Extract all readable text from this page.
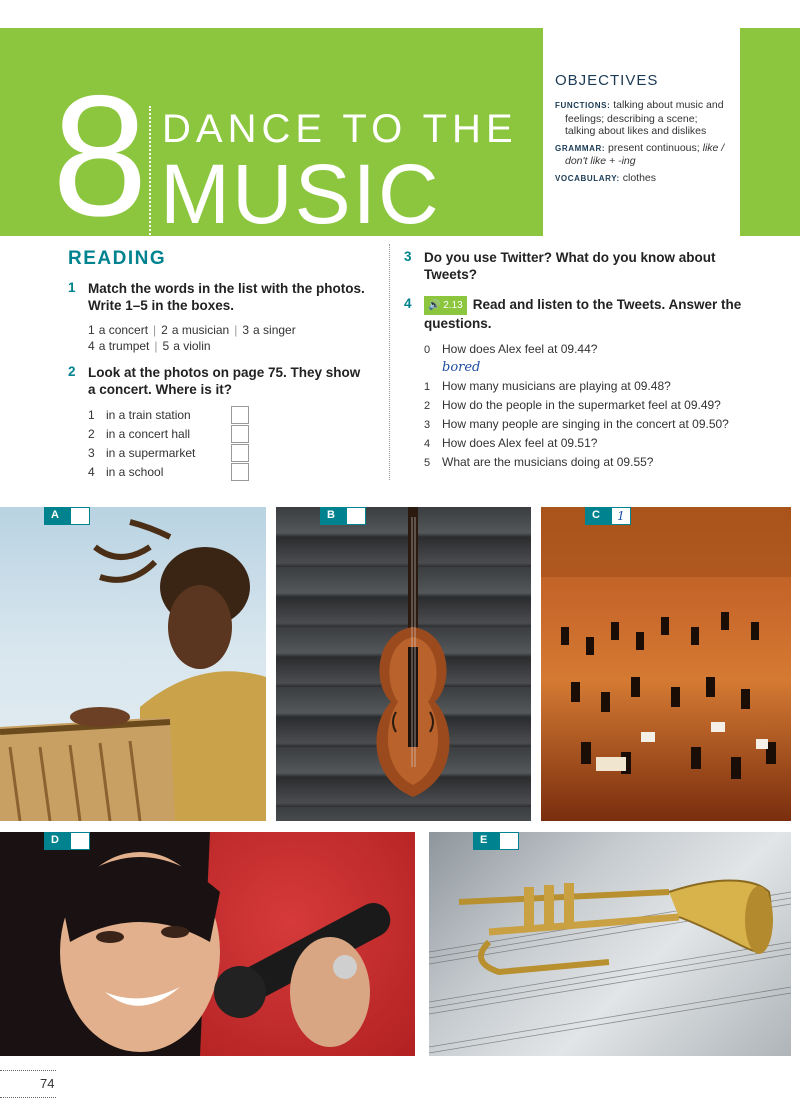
8 DANCE TO THE
MUSIC
OBJECTIVES
FUNCTIONS: talking about music and feelings; describing a scene; talking about likes and dislikes
GRAMMAR: present continuous; like / don't like + -ing
VOCABULARY: clothes
READING
1 Match the words in the list with the photos. Write 1–5 in the boxes.
1 a concert | 2 a musician | 3 a singer
4 a trumpet | 5 a violin
2 Look at the photos on page 75. They show a concert. Where is it?
1 in a train station
2 in a concert hall
3 in a supermarket
4 in a school
3 Do you use Twitter? What do you know about Tweets?
4	🔊 2.13 Read and listen to the Tweets. Answer the questions.
0 How does Alex feel at 09.44?
bored
1 How many musicians are playing at 09.48?
2 How do the people in the supermarket feel at 09.49?
3 How many people are singing in the concert at 09.50?
4 How does Alex feel at 09.51?
5 What are the musicians doing at 09.55?
A	B	C	1
D	E
74
